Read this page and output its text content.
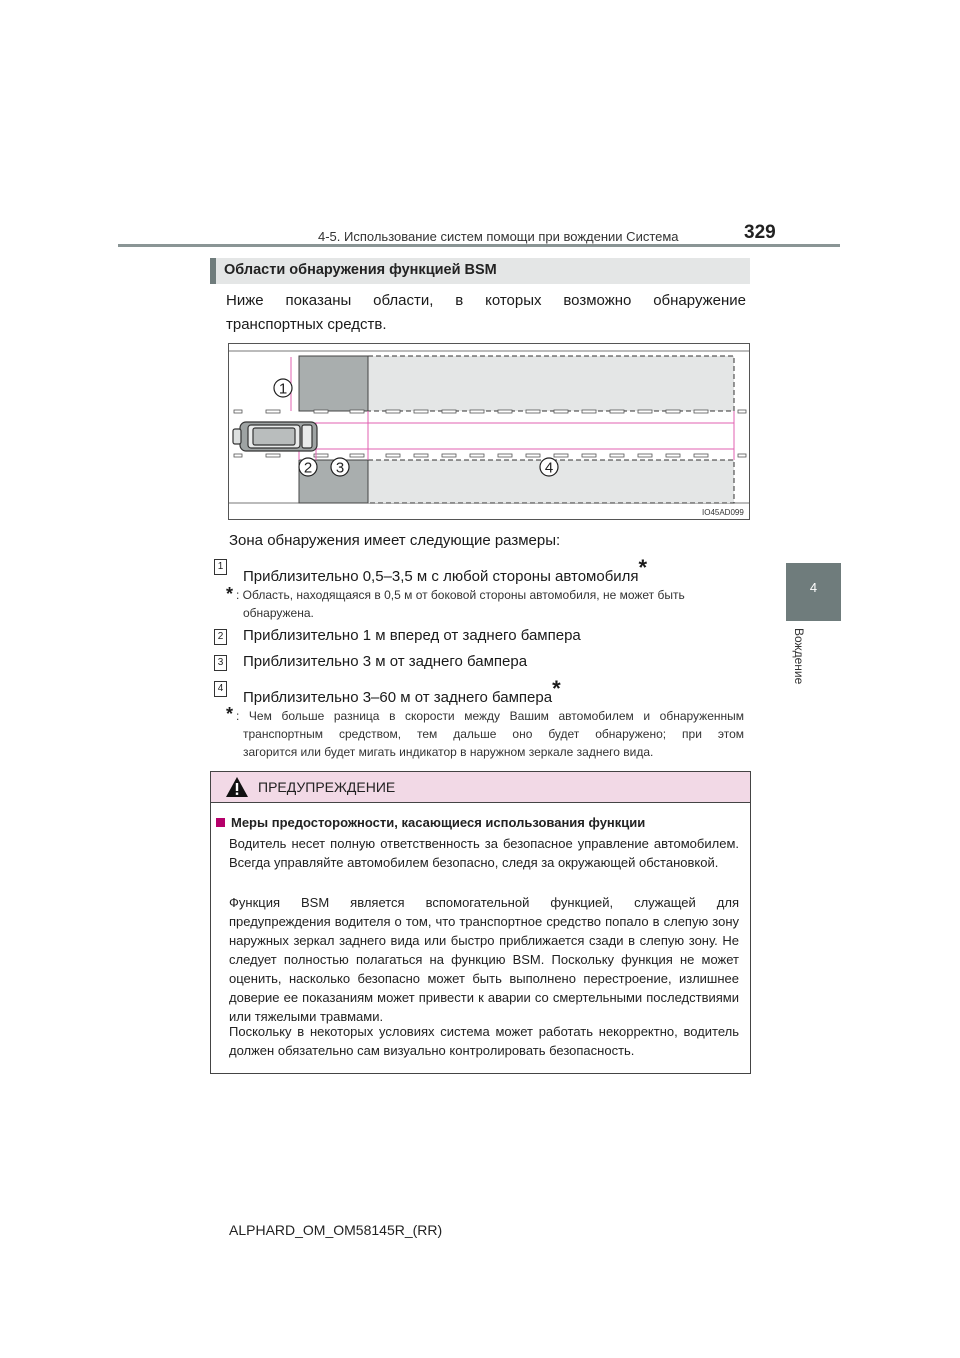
4-5. Использование систем помощи при вождении Система	329
4
Вождение
Области обнаружения функцией BSM
Ниже показаны области, в которых возможно обнаружение
транспортных средств.
1
2 3	4
IO45AD099
Зона обнаружения имеет следующие размеры:
1
Приблизительно 0,5–3,5 м с любой стороны автомобиля*
* : Область, находящаяся в 0,5 м от боковой стороны автомобиля, не может быть
обнаружена.
2 Приблизительно 1 м вперед от заднего бампера
3 Приблизительно 3 м от заднего бампера
4
Приблизительно 3–60 м от заднего бампера*
* : Чем больше разница в скорости между Вашим автомобилем и обнаруженным
транспортным средством, тем дальше оно будет обнаружено; при этом
загорится или будет мигать индикатор в наружном зеркале заднего вида.
ПРЕДУПРЕЖДЕНИЕ
Меры предосторожности, касающиеся использования функции
Водитель несет полную ответственность за безопасное управление автомобилем. Всегда управляйте автомобилем безопасно, следя за окружающей обстановкой.
Функция BSM является вспомогательной функцией, служащей для предупреждения водителя о том, что транспортное средство попало в слепую зону наружных зеркал заднего вида или быстро приближается сзади в слепую зону. Не следует полностью полагаться на функцию BSM. Поскольку функция не может оценить, насколько безопасно может быть выполнено перестроение, излишнее доверие ее показаниям может привести к аварии со смертельными последствиями или тяжелыми травмами.
Поскольку в некоторых условиях система может работать некорректно, водитель должен обязательно сам визуально контролировать безопасность.
ALPHARD_OM_OM58145R_(RR)
